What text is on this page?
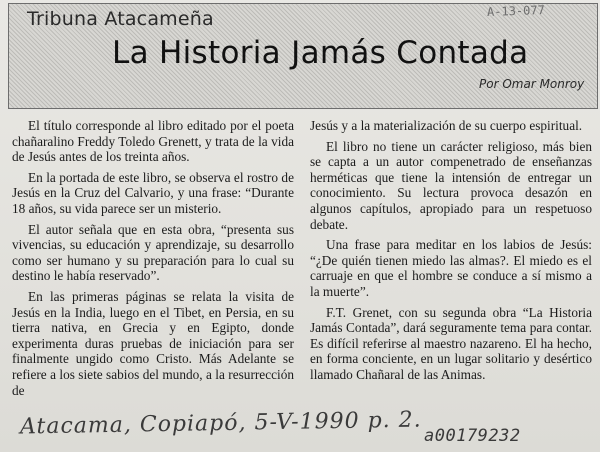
A-13-077
Tribuna Atacameña
La Historia Jamás Contada
Por Omar Monroy

El título corresponde al libro editado por el poeta chañaralino Freddy Toledo Grenett, y trata de la vida de Jesús antes de los treinta años.

En la portada de este libro, se observa el rostro de Jesús en la Cruz del Calvario, y una frase: “Durante 18 años, su vida parece ser un misterio.

El autor señala que en esta obra, “presenta sus vivencias, su educación y aprendizaje, su desarrollo como ser humano y su preparación para lo cual su destino le había reservado”.

En las primeras páginas se relata la visita de Jesús en la India, luego en el Tibet, en Persia, en su tierra nativa, en Grecia y en Egipto, donde experimenta duras pruebas de iniciación para ser finalmente ungido como Cristo. Más Adelante se refiere a los siete sabios del mundo, a la resurrección de

Jesús y a la materialización de su cuerpo espiritual.

El libro no tiene un carácter religioso, más bien se capta a un autor compenetrado de enseñanzas herméticas que tiene la intensión de entregar un conocimiento. Su lectura provoca desazón en algunos capítulos, apropiado para un respetuoso debate.

Una frase para meditar en los labios de Jesús: “¿De quién tienen miedo las almas?. El miedo es el carruaje en que el hombre se conduce a sí mismo a la muerte”.

F.T. Grenet, con su segunda obra “La Historia Jamás Contada”, dará seguramente tema para contar. Es difícil referirse al maestro nazareno. El ha hecho, en forma conciente, en un lugar solitario y desértico llamado Chañaral de las Animas.

Atacama, Copiapó, 5-V-1990 p. 2. a00179232
